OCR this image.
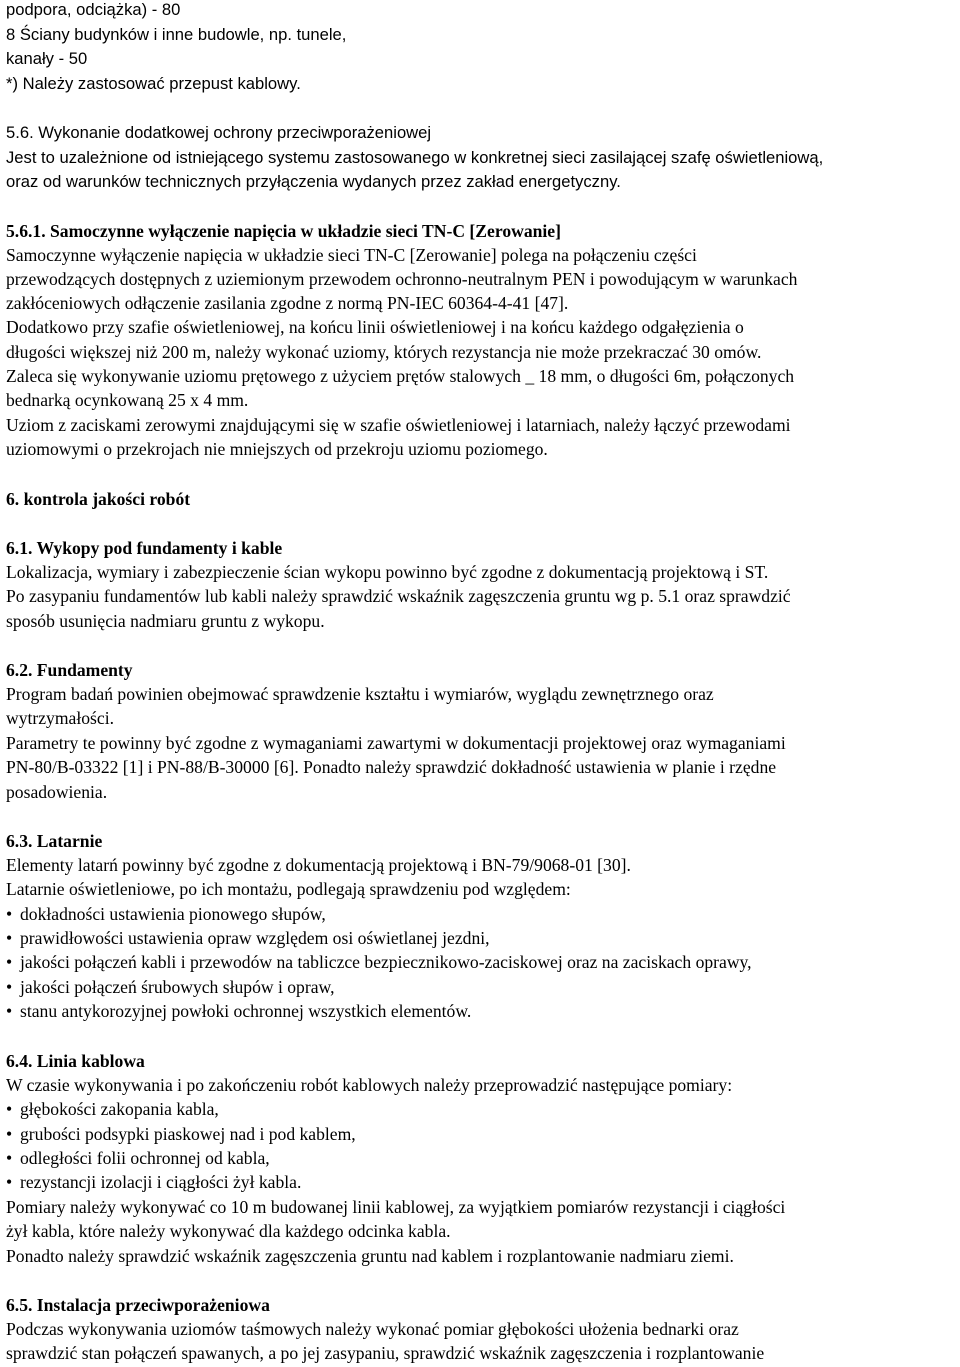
podpora, odciążka) - 80
8 Ściany budynków i inne budowle, np. tunele,
kanały - 50
*) Należy zastosować przepust kablowy.
5.6. Wykonanie dodatkowej ochrony przeciwporażeniowej
Jest to uzależnione od istniejącego systemu zastosowanego w konkretnej sieci zasilającej szafę oświetleniową,
oraz od warunków technicznych przyłączenia wydanych przez zakład energetyczny.
5.6.1. Samoczynne wyłączenie napięcia w układzie sieci TN-C [Zerowanie]
Samoczynne wyłączenie napięcia w układzie sieci TN-C [Zerowanie] polega na połączeniu części
przewodzących dostępnych z uziemionym przewodem ochronno-neutralnym PEN i powodującym w warunkach
zakłóceniowych odłączenie zasilania zgodne z normą PN-IEC 60364-4-41 [47].
Dodatkowo przy szafie oświetleniowej, na końcu linii oświetleniowej i na końcu każdego odgałęzienia o
długości większej niż 200 m, należy wykonać uziomy, których rezystancja nie może przekraczać 30 omów.
Zaleca się wykonywanie uziomu prętowego z użyciem prętów stalowych _ 18 mm, o długości 6m, połączonych
bednarką ocynkowaną 25 x 4 mm.
Uziom z zaciskami zerowymi znajdującymi się w szafie oświetleniowej i latarniach, należy łączyć przewodami
uziomowymi o przekrojach nie mniejszych od przekroju uziomu poziomego.
6. kontrola jakości robót
6.1. Wykopy pod fundamenty i kable
Lokalizacja, wymiary i zabezpieczenie ścian wykopu powinno być zgodne z dokumentacją projektową i ST.
Po zasypaniu fundamentów lub kabli należy sprawdzić wskaźnik zagęszczenia gruntu wg p. 5.1 oraz sprawdzić
sposób usunięcia nadmiaru gruntu z wykopu.
6.2. Fundamenty
Program badań powinien obejmować sprawdzenie kształtu i wymiarów, wyglądu zewnętrznego oraz
wytrzymałości.
Parametry te powinny być zgodne z wymaganiami zawartymi w dokumentacji projektowej oraz wymaganiami
PN-80/B-03322 [1] i PN-88/B-30000 [6]. Ponadto należy sprawdzić dokładność ustawienia w planie i rzędne
posadowienia.
6.3. Latarnie
Elementy latarń powinny być zgodne z dokumentacją projektową i BN-79/9068-01 [30].
Latarnie oświetleniowe, po ich montażu, podlegają sprawdzeniu pod względem:
• dokładności ustawienia pionowego słupów,
• prawidłowości ustawienia opraw względem osi oświetlanej jezdni,
• jakości połączeń kabli i przewodów na tabliczce bezpiecznikowo-zaciskowej oraz na zaciskach oprawy,
• jakości połączeń śrubowych słupów i opraw,
• stanu antykorozyjnej powłoki ochronnej wszystkich elementów.
6.4. Linia kablowa
W czasie wykonywania i po zakończeniu robót kablowych należy przeprowadzić następujące pomiary:
• głębokości zakopania kabla,
• grubości podsypki piaskowej nad i pod kablem,
• odległości folii ochronnej od kabla,
• rezystancji izolacji i ciągłości żył kabla.
Pomiary należy wykonywać co 10 m budowanej linii kablowej, za wyjątkiem pomiarów rezystancji i ciągłości
żył kabla, które należy wykonywać dla każdego odcinka kabla.
Ponadto należy sprawdzić wskaźnik zagęszczenia gruntu nad kablem i rozplantowanie nadmiaru ziemi.
6.5. Instalacja przeciwporażeniowa
Podczas wykonywania uziomów taśmowych należy wykonać pomiar głębokości ułożenia bednarki oraz
sprawdzić stan połączeń spawanych, a po jej zasypaniu, sprawdzić wskaźnik zagęszczenia i rozplantowanie
